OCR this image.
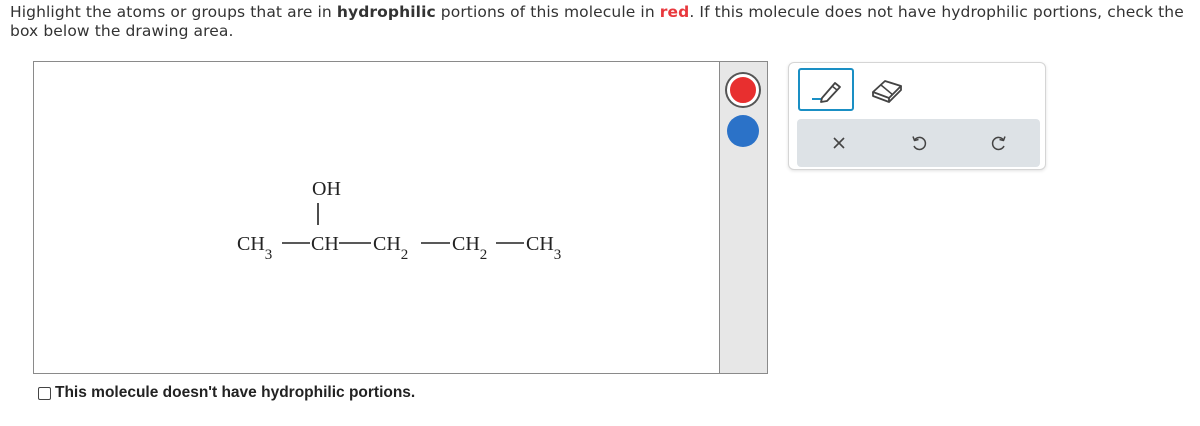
Highlight the atoms or groups that are in hydrophilic portions of this molecule in red. If this molecule does not have hydrophilic portions, check the box below the drawing area.
OH
$CH_3$ CH $CH_2$ $CH_2$ $CH_3$
This molecule doesn't have hydrophilic portions.
